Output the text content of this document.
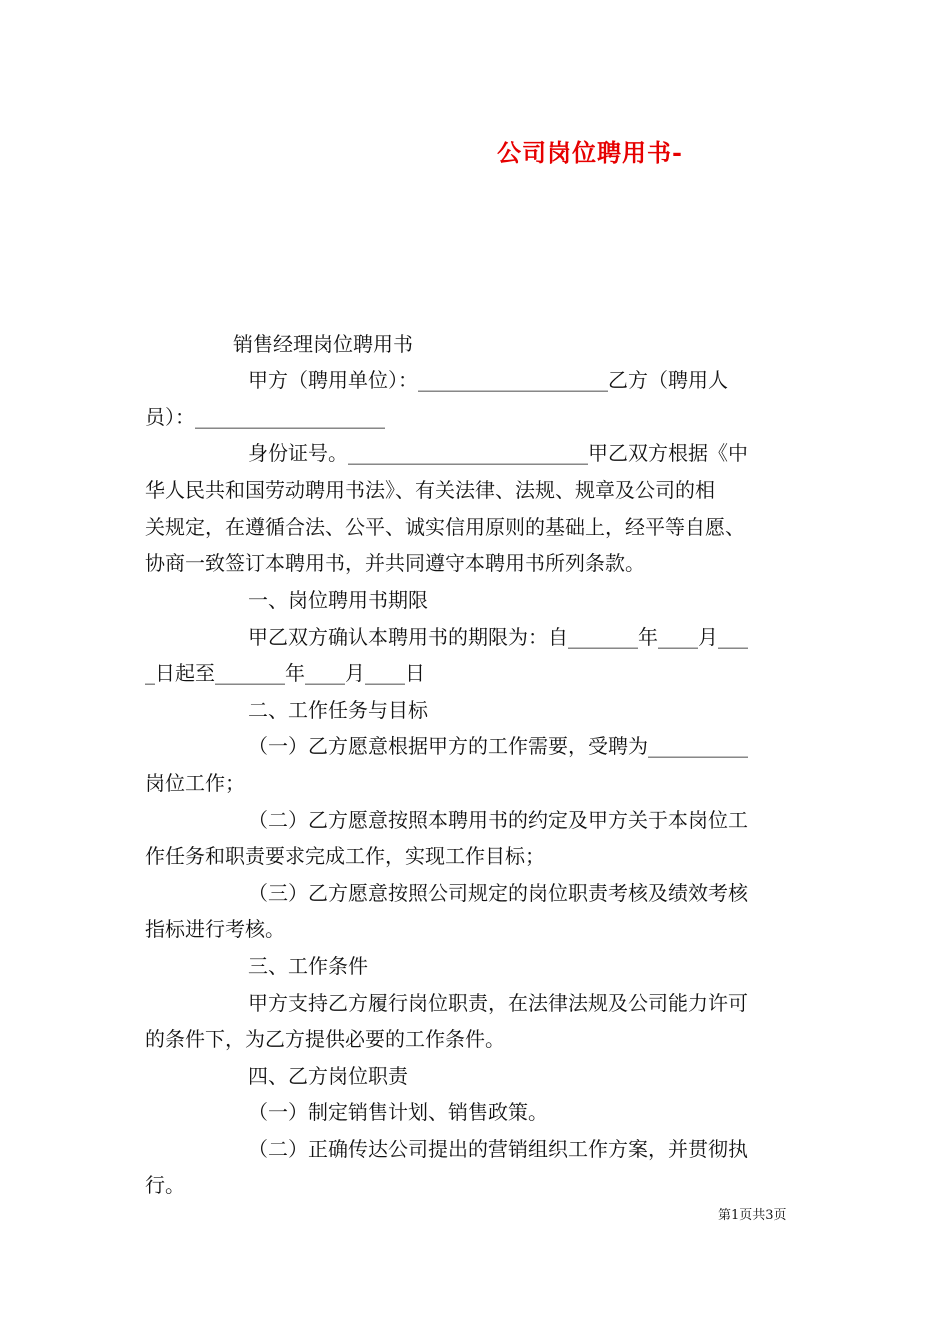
公司岗位聘用书-
销售经理岗位聘用书
甲方（聘用单位）：___________________乙方（聘用人
员）：___________________
身份证号。________________________甲乙双方根据《中
华人民共和国劳动聘用书法》、有关法律、法规、规章及公司的相
关规定，在遵循合法、公平、诚实信用原则的基础上，经平等自愿、
协商一致签订本聘用书，并共同遵守本聘用书所列条款。
一、岗位聘用书期限
甲乙双方确认本聘用书的期限为：自_______年____月___
_日起至_______年____月____日
二、工作任务与目标
（一）乙方愿意根据甲方的工作需要，受聘为__________
岗位工作；
（二）乙方愿意按照本聘用书的约定及甲方关于本岗位工
作任务和职责要求完成工作，实现工作目标；
（三）乙方愿意按照公司规定的岗位职责考核及绩效考核
指标进行考核。
三、工作条件
甲方支持乙方履行岗位职责，在法律法规及公司能力许可
的条件下，为乙方提供必要的工作条件。
四、乙方岗位职责
（一）制定销售计划、销售政策。
（二）正确传达公司提出的营销组织工作方案，并贯彻执
行。
第1页共3页
